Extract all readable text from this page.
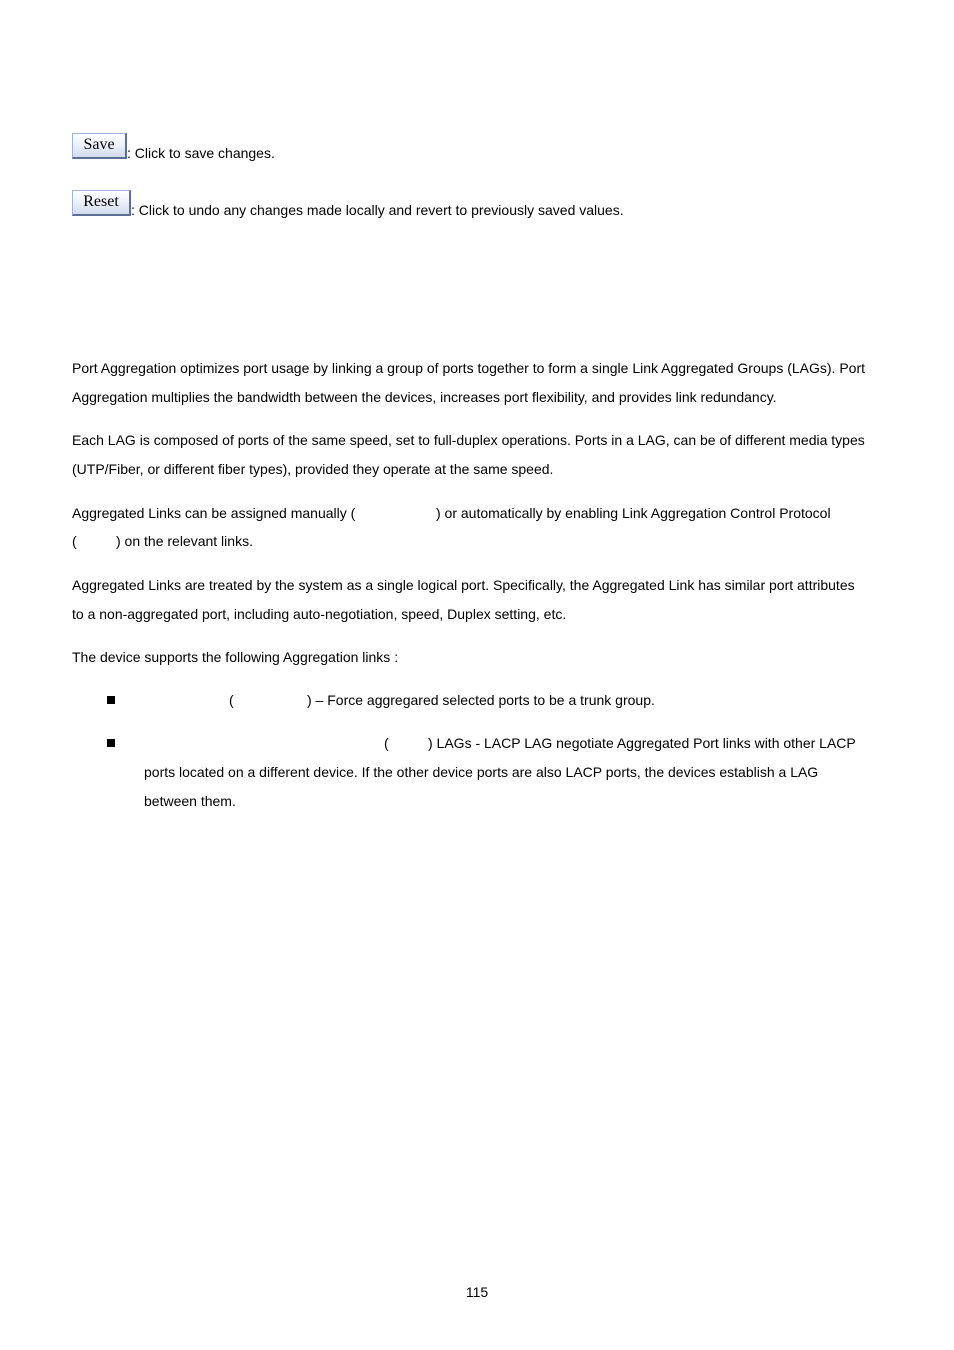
Save
: Click to save changes.
Reset
: Click to undo any changes made locally and revert to previously saved values.
Port Aggregation optimizes port usage by linking a group of ports together to form a single Link Aggregated Groups (LAGs). Port
Aggregation multiplies the bandwidth between the devices, increases port flexibility, and provides link redundancy.
Each LAG is composed of ports of the same speed, set to full-duplex operations. Ports in a LAG, can be of different media types
(UTP/Fiber, or different fiber types), provided they operate at the same speed.
Aggregated Links can be assigned manually (	) or automatically by enabling Link Aggregation Control Protocol
(	) on the relevant links.
Aggregated Links are treated by the system as a single logical port. Specifically, the Aggregated Link has similar port attributes
to a non-aggregated port, including auto-negotiation, speed, Duplex setting, etc.
The device supports the following Aggregation links :
(	) – Force aggregared selected ports to be a trunk group.
(	) LAGs - LACP LAG negotiate Aggregated Port links with other LACP
ports located on a different device. If the other device ports are also LACP ports, the devices establish a LAG
between them.
115
